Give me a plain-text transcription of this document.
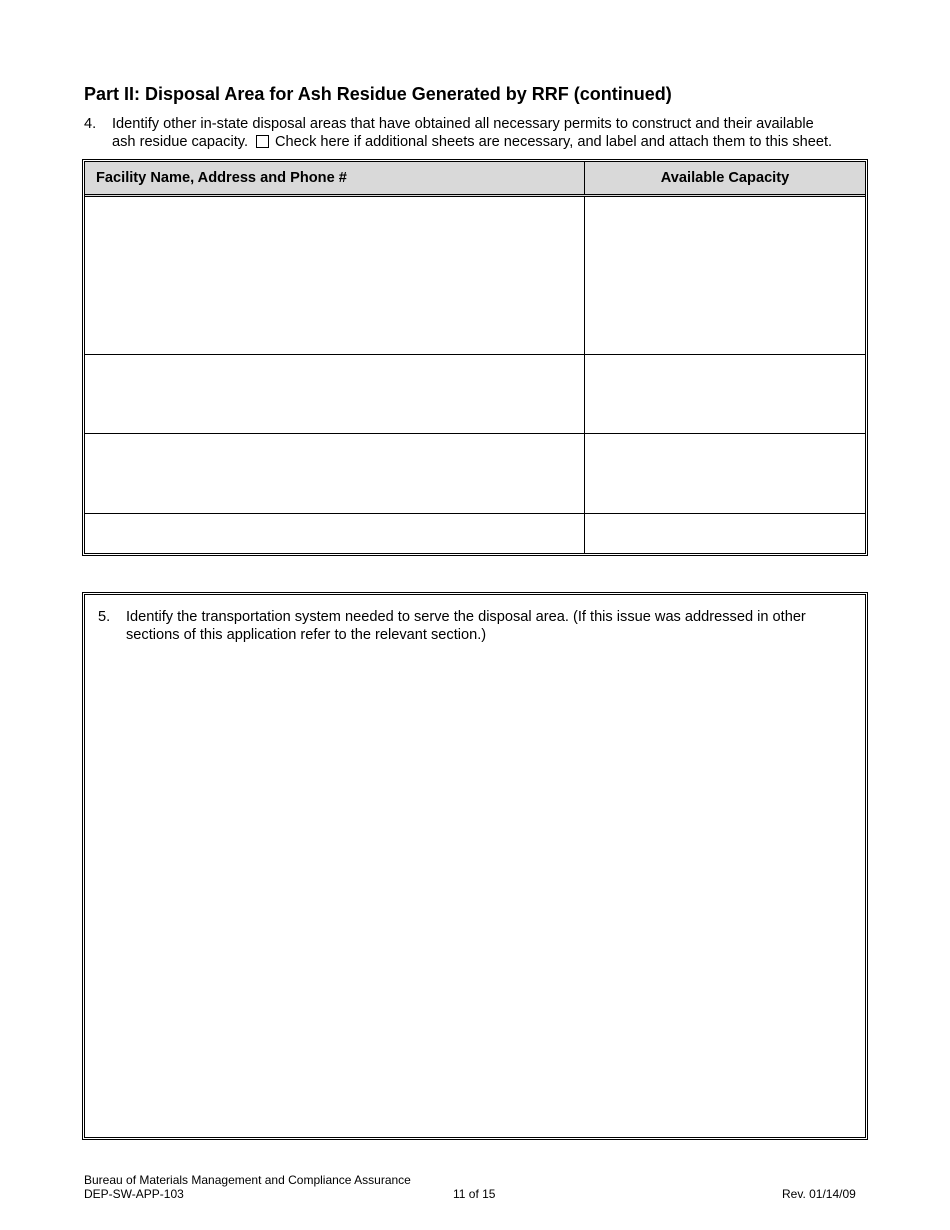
Part II: Disposal Area for Ash Residue Generated by RRF (continued)
4. Identify other in-state disposal areas that have obtained all necessary permits to construct and their available
ash residue capacity. Check here if additional sheets are necessary, and label and attach them to this sheet.
Facility Name, Address and Phone #	Available Capacity

5. Identify the transportation system needed to serve the disposal area. (If this issue was addressed in other sections of this application refer to the relevant section.)
Bureau of Materials Management and Compliance Assurance
DEP-SW-APP-103	11 of 15	Rev. 01/14/09
